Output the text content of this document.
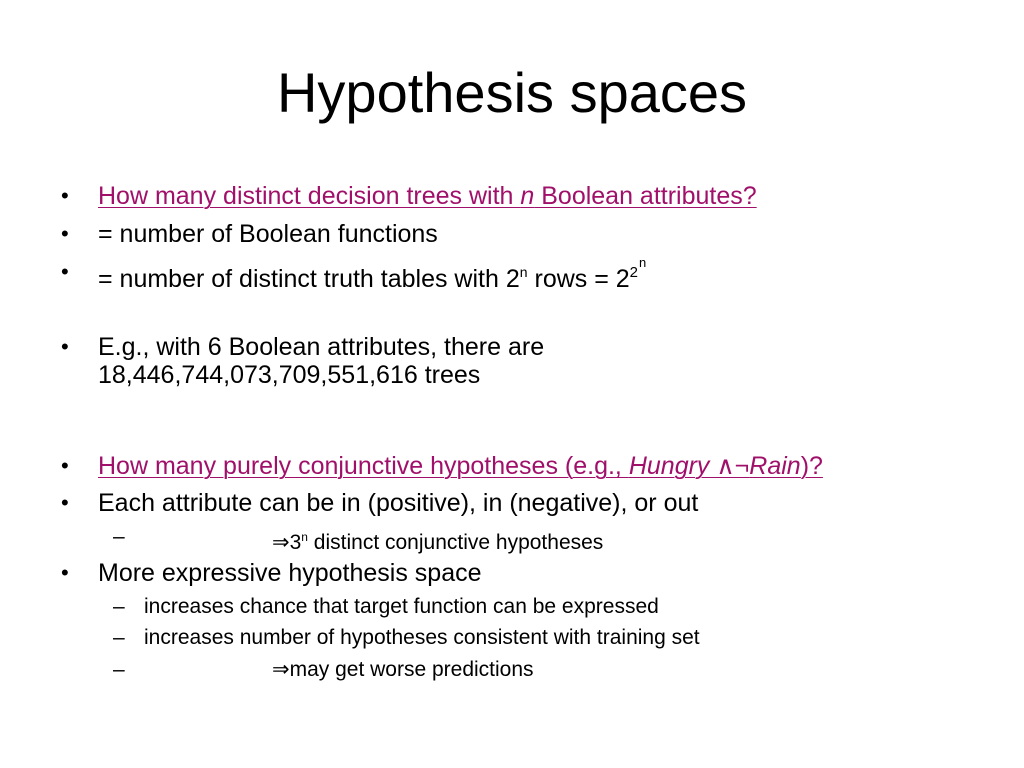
Hypothesis spaces
• How many distinct decision trees with n Boolean attributes?
• = number of Boolean functions
• = number of distinct truth tables with 2$^n$ rows = $2^{2n}$
• E.g., with 6 Boolean attributes, there are
18,446,744,073,709,551,616 trees
• How many purely conjunctive hypotheses (e.g., Hungry ∧¬Rain)?
• Each attribute can be in (positive), in (negative), or out
–	⇒3$^n$ distinct conjunctive hypotheses
• More expressive hypothesis space
– increases chance that target function can be expressed
– increases number of hypotheses consistent with training set
–	⇒may get worse predictions
